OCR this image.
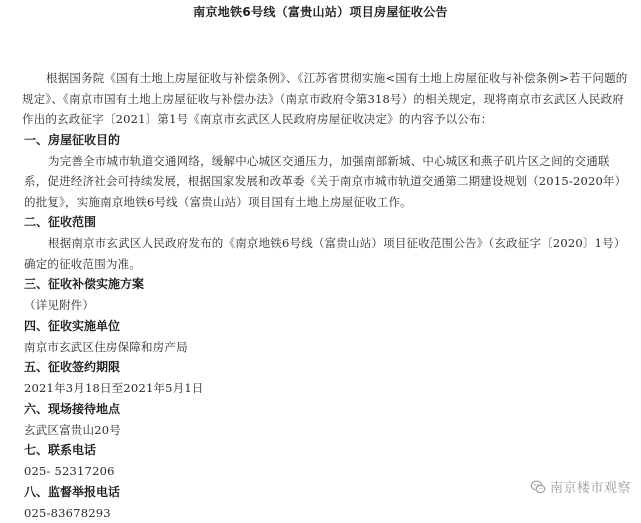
南京地铁6号线（富贵山站）项目房屋征收公告

根据国务院《国有土地上房屋征收与补偿条例》、《江苏省贯彻实施<国有土地上房屋征收与补偿条例>若干问题的规定》、《南京市国有土地上房屋征收与补偿办法》（南京市政府令第318号）的相关规定，现将南京市玄武区人民政府作出的玄政征字〔2021〕第1号《南京市玄武区人民政府房屋征收决定》的内容予以公布：

一、房屋征收目的

为完善全市城市轨道交通网络，缓解中心城区交通压力，加强南部新城、中心城区和燕子矶片区之间的交通联系，促进经济社会可持续发展，根据国家发展和改革委《关于南京市城市轨道交通第二期建设规划（2015-2020年）的批复》，实施南京地铁6号线（富贵山站）项目国有土地上房屋征收工作。

二、征收范围

根据南京市玄武区人民政府发布的《南京地铁6号线（富贵山站）项目征收范围公告》（玄政征字〔2020〕1号）确定的征收范围为准。

三、征收补偿实施方案

（详见附件）

四、征收实施单位

南京市玄武区住房保障和房产局

五、征收签约期限

2021年3月18日至2021年5月1日

六、现场接待地点

玄武区富贵山20号

七、联系电话

025- 52317206

八、监督举报电话

025-83678293

南京楼市观察
